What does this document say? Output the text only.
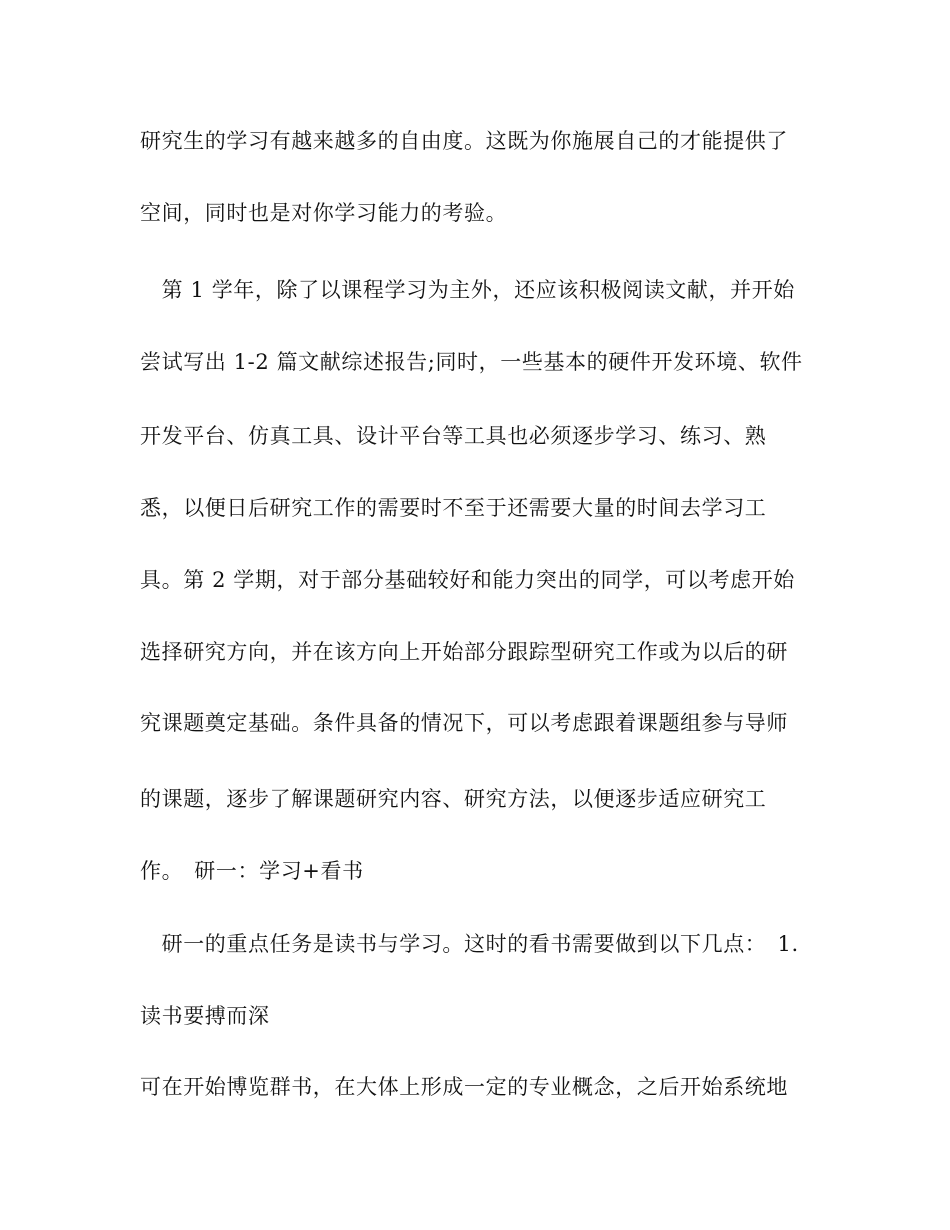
研究生的学习有越来越多的自由度。这既为你施展自己的才能提供了

空间，同时也是对你学习能力的考验。

　第 1 学年，除了以课程学习为主外，还应该积极阅读文献，并开始

尝试写出 1-2 篇文献综述报告;同时，一些基本的硬件开发环境、软件

开发平台、仿真工具、设计平台等工具也必须逐步学习、练习、熟

悉，以便日后研究工作的需要时不至于还需要大量的时间去学习工

具。第 2 学期，对于部分基础较好和能力突出的同学，可以考虑开始

选择研究方向，并在该方向上开始部分跟踪型研究工作或为以后的研

究课题奠定基础。条件具备的情况下，可以考虑跟着课题组参与导师

的课题，逐步了解课题研究内容、研究方法，以便逐步适应研究工

作。　研一：学习+看书

　研一的重点任务是读书与学习。这时的看书需要做到以下几点：　1.

读书要搏而深

可在开始博览群书，在大体上形成一定的专业概念，之后开始系统地
